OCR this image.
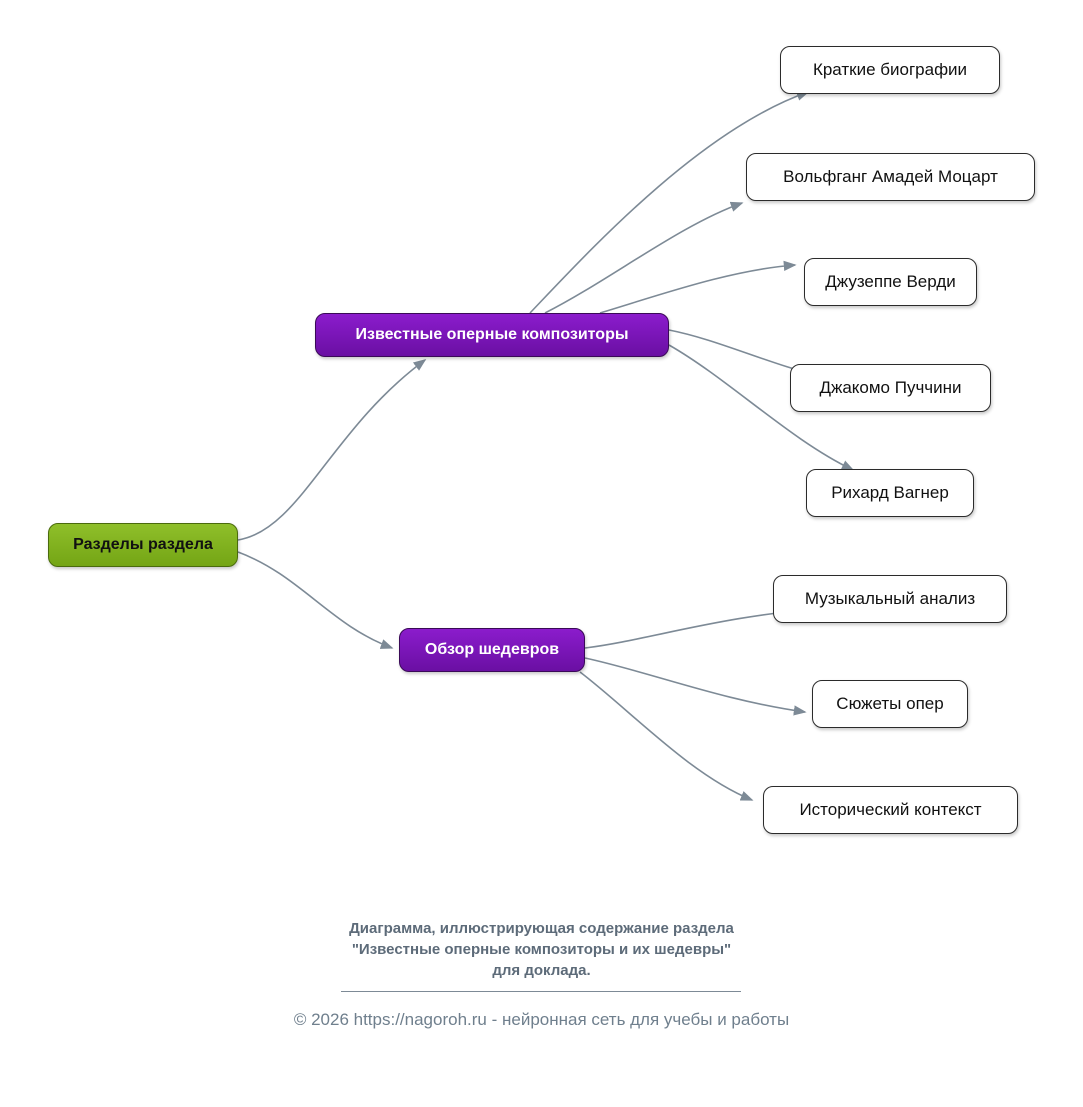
Разделы раздела
Известные оперные композиторы
Обзор шедевров
Краткие биографии
Вольфганг Амадей Моцарт
Джузеппе Верди
Джакомо Пуччини
Рихард Вагнер
Музыкальный анализ
Сюжеты опер
Исторический контекст
Диаграмма, иллюстрирующая содержание раздела
"Известные оперные композиторы и их шедевры"
для доклада.
© 2026 https://nagoroh.ru - нейронная сеть для учебы и работы
